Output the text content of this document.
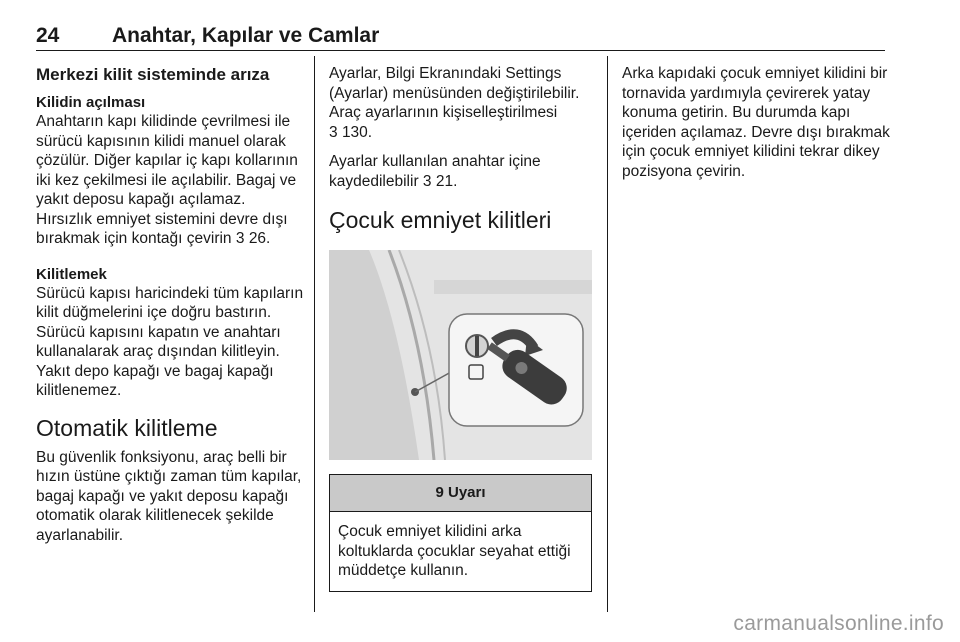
24	Anahtar, Kapılar ve Camlar
Merkezi kilit sisteminde arıza
Kilidin açılması

Anahtarın kapı kilidinde çevrilmesi ile sürücü kapısının kilidi manuel olarak çözülür. Diğer kapılar iç kapı kollarının iki kez çekilmesi ile açılabilir. Bagaj ve yakıt deposu kapağı açılamaz. Hırsızlık emniyet sistemini devre dışı bırakmak için kontağı çevirin 3 26.

Kilitlemek

Sürücü kapısı haricindeki tüm kapıların kilit düğmelerini içe doğru bastırın. Sürücü kapısını kapatın ve anahtarı kullanalarak araç dışından kilitleyin. Yakıt depo kapağı ve bagaj kapağı kilitlenemez.

Otomatik kilitleme

Bu güvenlik fonksiyonu, araç belli bir hızın üstüne çıktığı zaman tüm kapılar, bagaj kapağı ve yakıt deposu kapağı otomatik olarak kilitlenecek şekilde ayarlanabilir.

Ayarlar, Bilgi Ekranındaki Settings (Ayarlar) menüsünden değiştirilebilir. Araç ayarlarının kişiselleştirilmesi
3 130.

Ayarlar kullanılan anahtar içine kaydedilebilir 3 21.

Çocuk emniyet kilitleri
9 Uyarı
Çocuk emniyet kilidini arka koltuklarda çocuklar seyahat ettiği müddetçe kullanın.

Arka kapıdaki çocuk emniyet kilidini bir tornavida yardımıyla çevirerek yatay konuma getirin. Bu durumda kapı içeriden açılamaz. Devre dışı bırakmak için çocuk emniyet kilidini tekrar dikey pozisyona çevirin.

carmanualsonline.info
